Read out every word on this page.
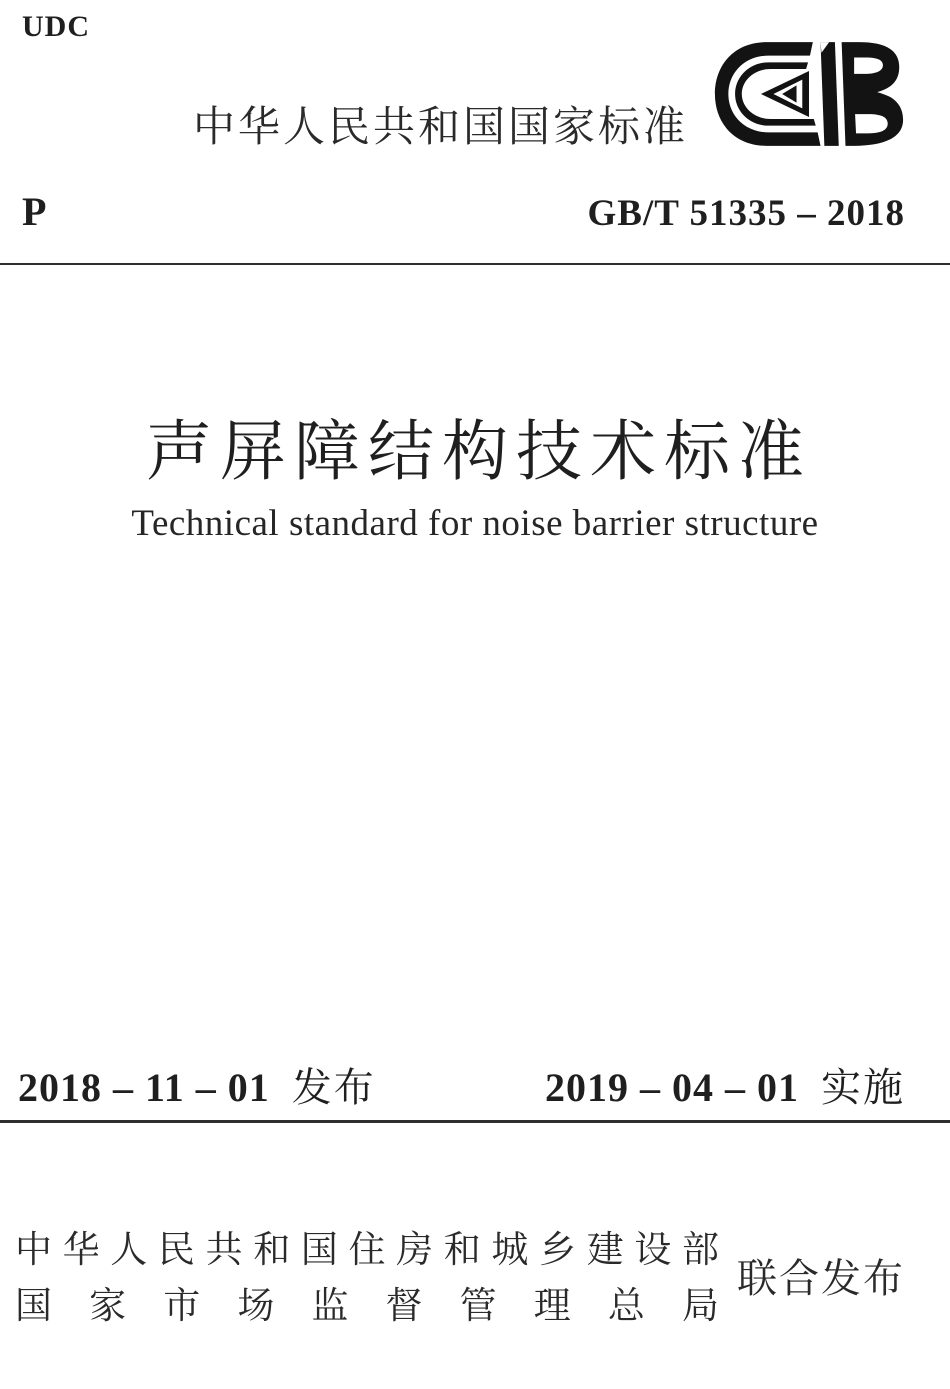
UDC
中华人民共和国国家标准
P	GB/T 51335 – 2018
声屏障结构技术标准
Technical standard for noise barrier structure
2018 – 11 – 01 发布	2019 – 04 – 01 实施
中华人民共和国住房和城乡建设部
国家市场监督管理总局
联合发布
